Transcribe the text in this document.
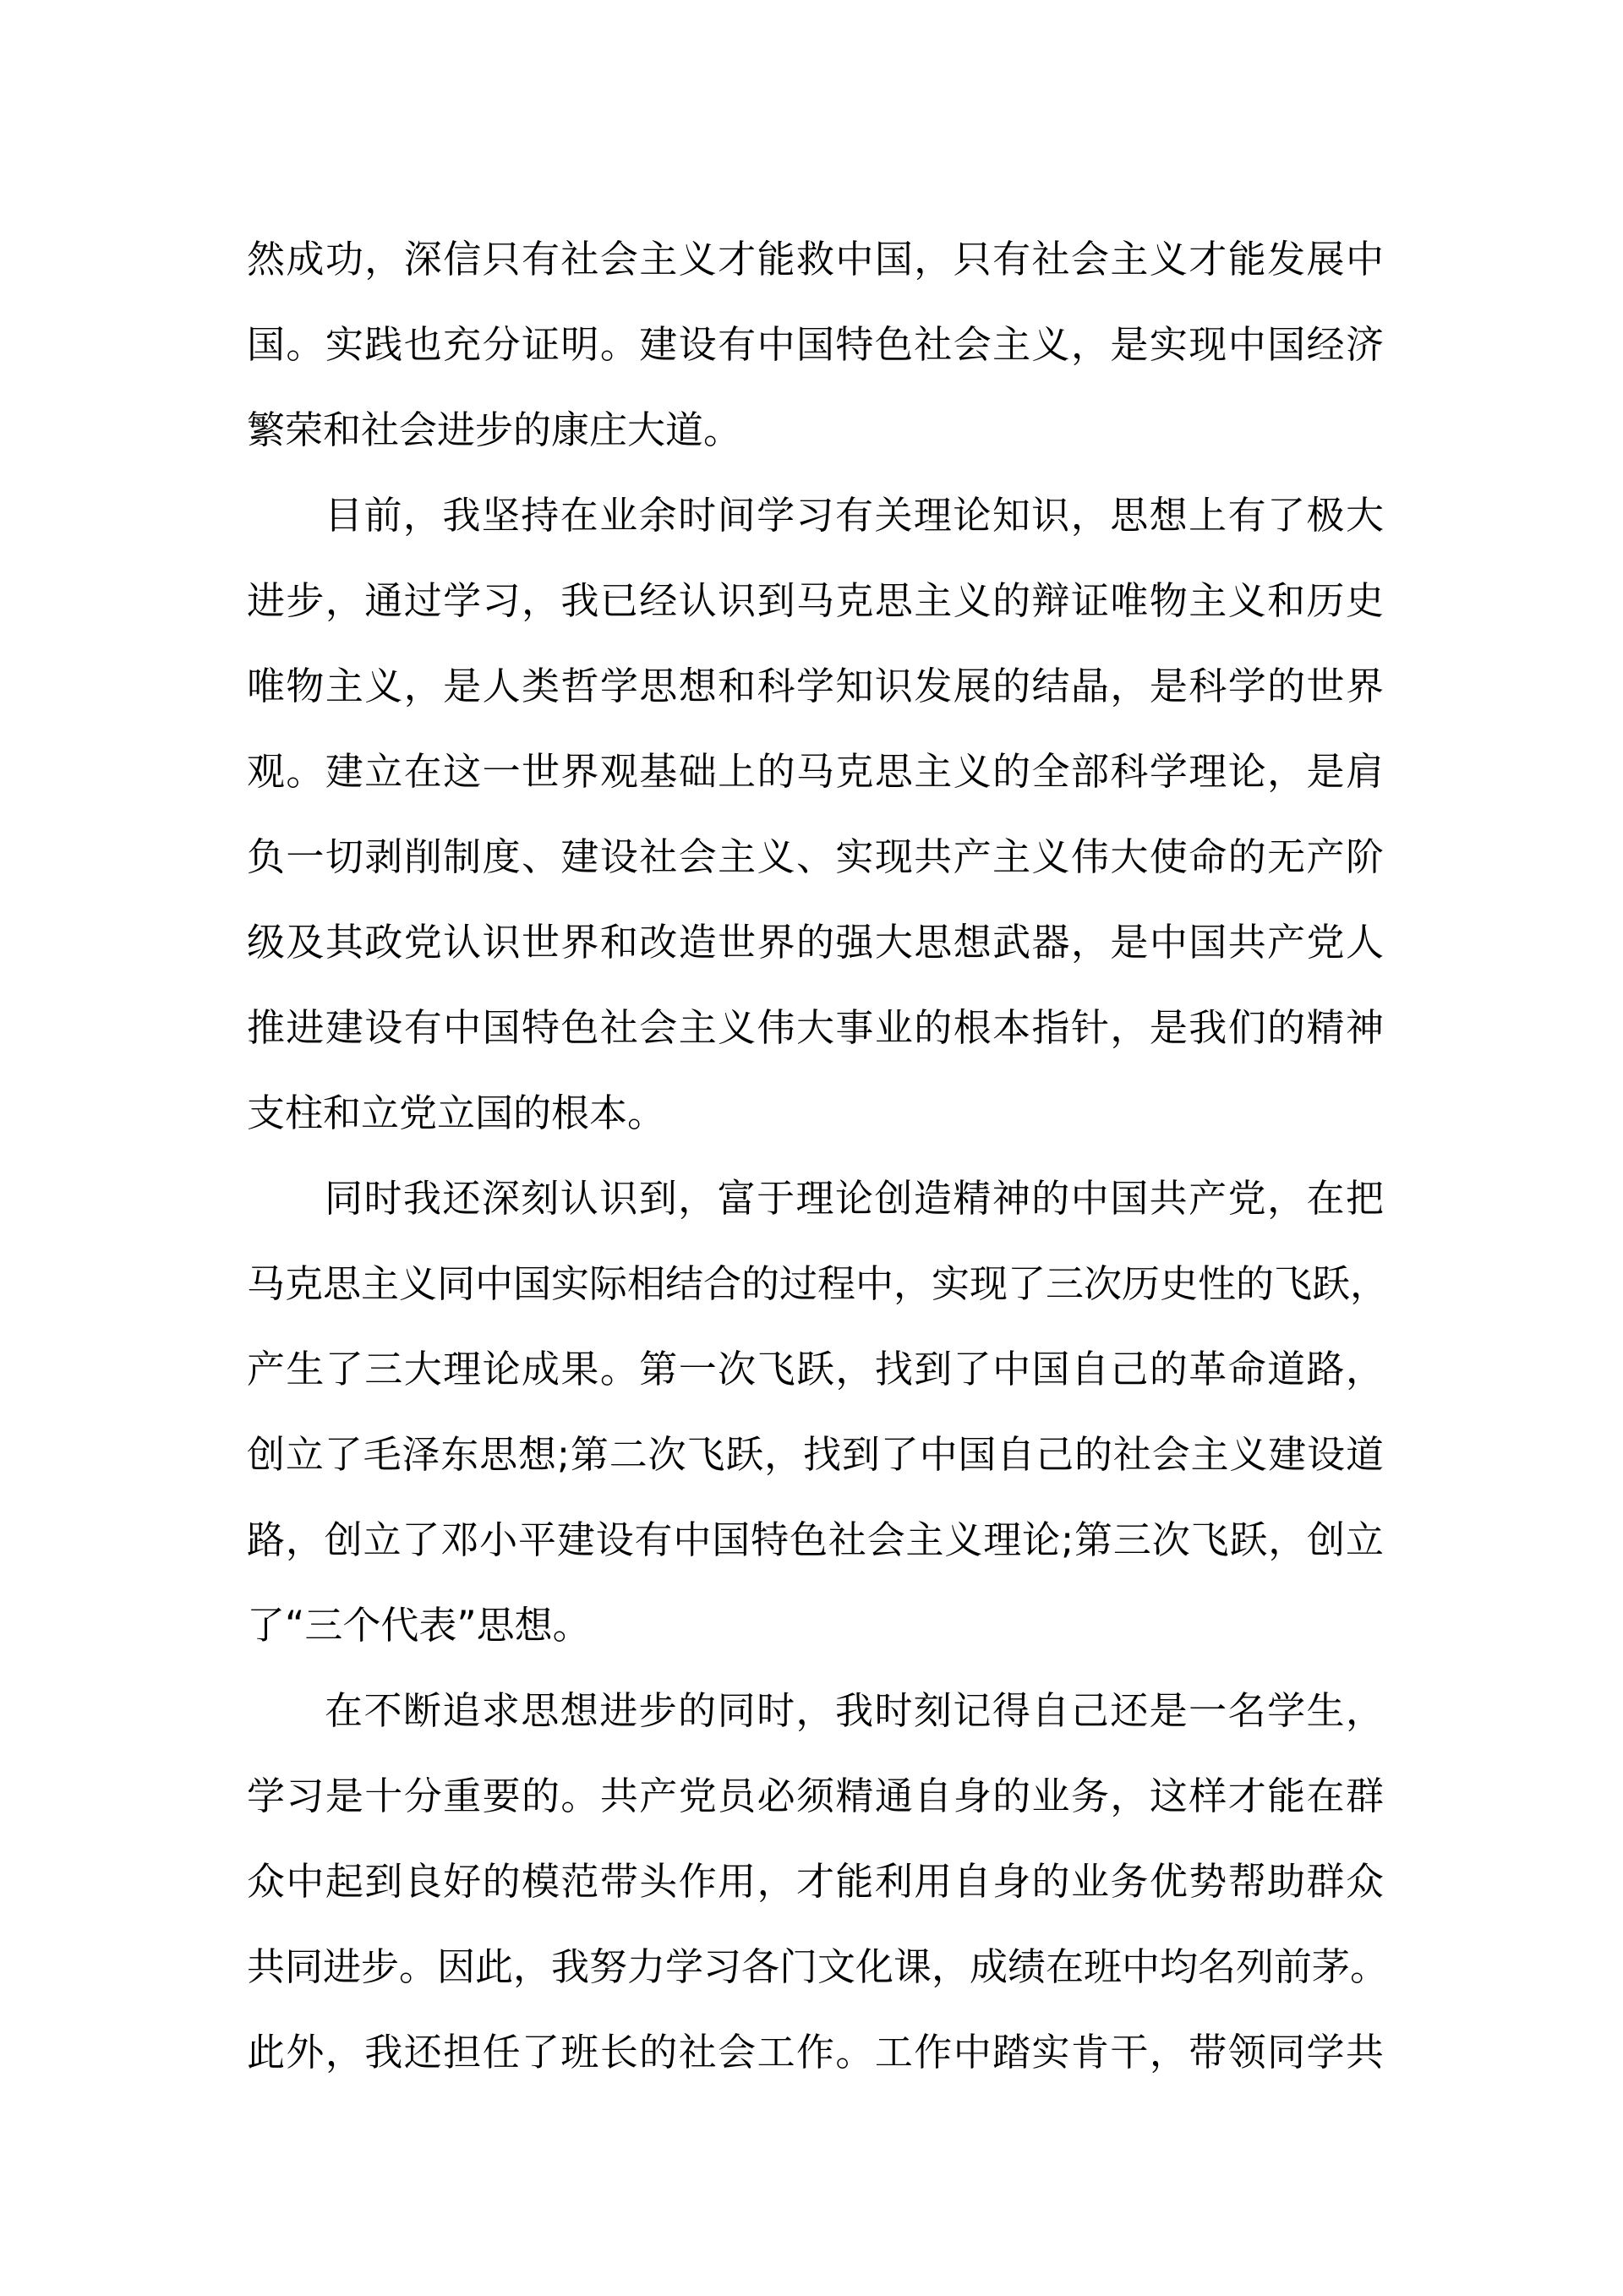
然成功，深信只有社会主义才能救中国，只有社会主义才能发展中
国。实践也充分证明。建设有中国特色社会主义，是实现中国经济
繁荣和社会进步的康庄大道。
目前，我坚持在业余时间学习有关理论知识，思想上有了极大
进步，通过学习，我已经认识到马克思主义的辩证唯物主义和历史
唯物主义，是人类哲学思想和科学知识发展的结晶，是科学的世界
观。建立在这一世界观基础上的马克思主义的全部科学理论，是肩
负一切剥削制度、建设社会主义、实现共产主义伟大使命的无产阶
级及其政党认识世界和改造世界的强大思想武器，是中国共产党人
推进建设有中国特色社会主义伟大事业的根本指针，是我们的精神
支柱和立党立国的根本。
同时我还深刻认识到，富于理论创造精神的中国共产党，在把
马克思主义同中国实际相结合的过程中，实现了三次历史性的飞跃，
产生了三大理论成果。第一次飞跃，找到了中国自己的革命道路，
创立了毛泽东思想;第二次飞跃，找到了中国自己的社会主义建设道
路，创立了邓小平建设有中国特色社会主义理论;第三次飞跃，创立
了“三个代表”思想。
在不断追求思想进步的同时，我时刻记得自己还是一名学生，
学习是十分重要的。共产党员必须精通自身的业务，这样才能在群
众中起到良好的模范带头作用，才能利用自身的业务优势帮助群众
共同进步。因此，我努力学习各门文化课，成绩在班中均名列前茅。
此外，我还担任了班长的社会工作。工作中踏实肯干，带领同学共
